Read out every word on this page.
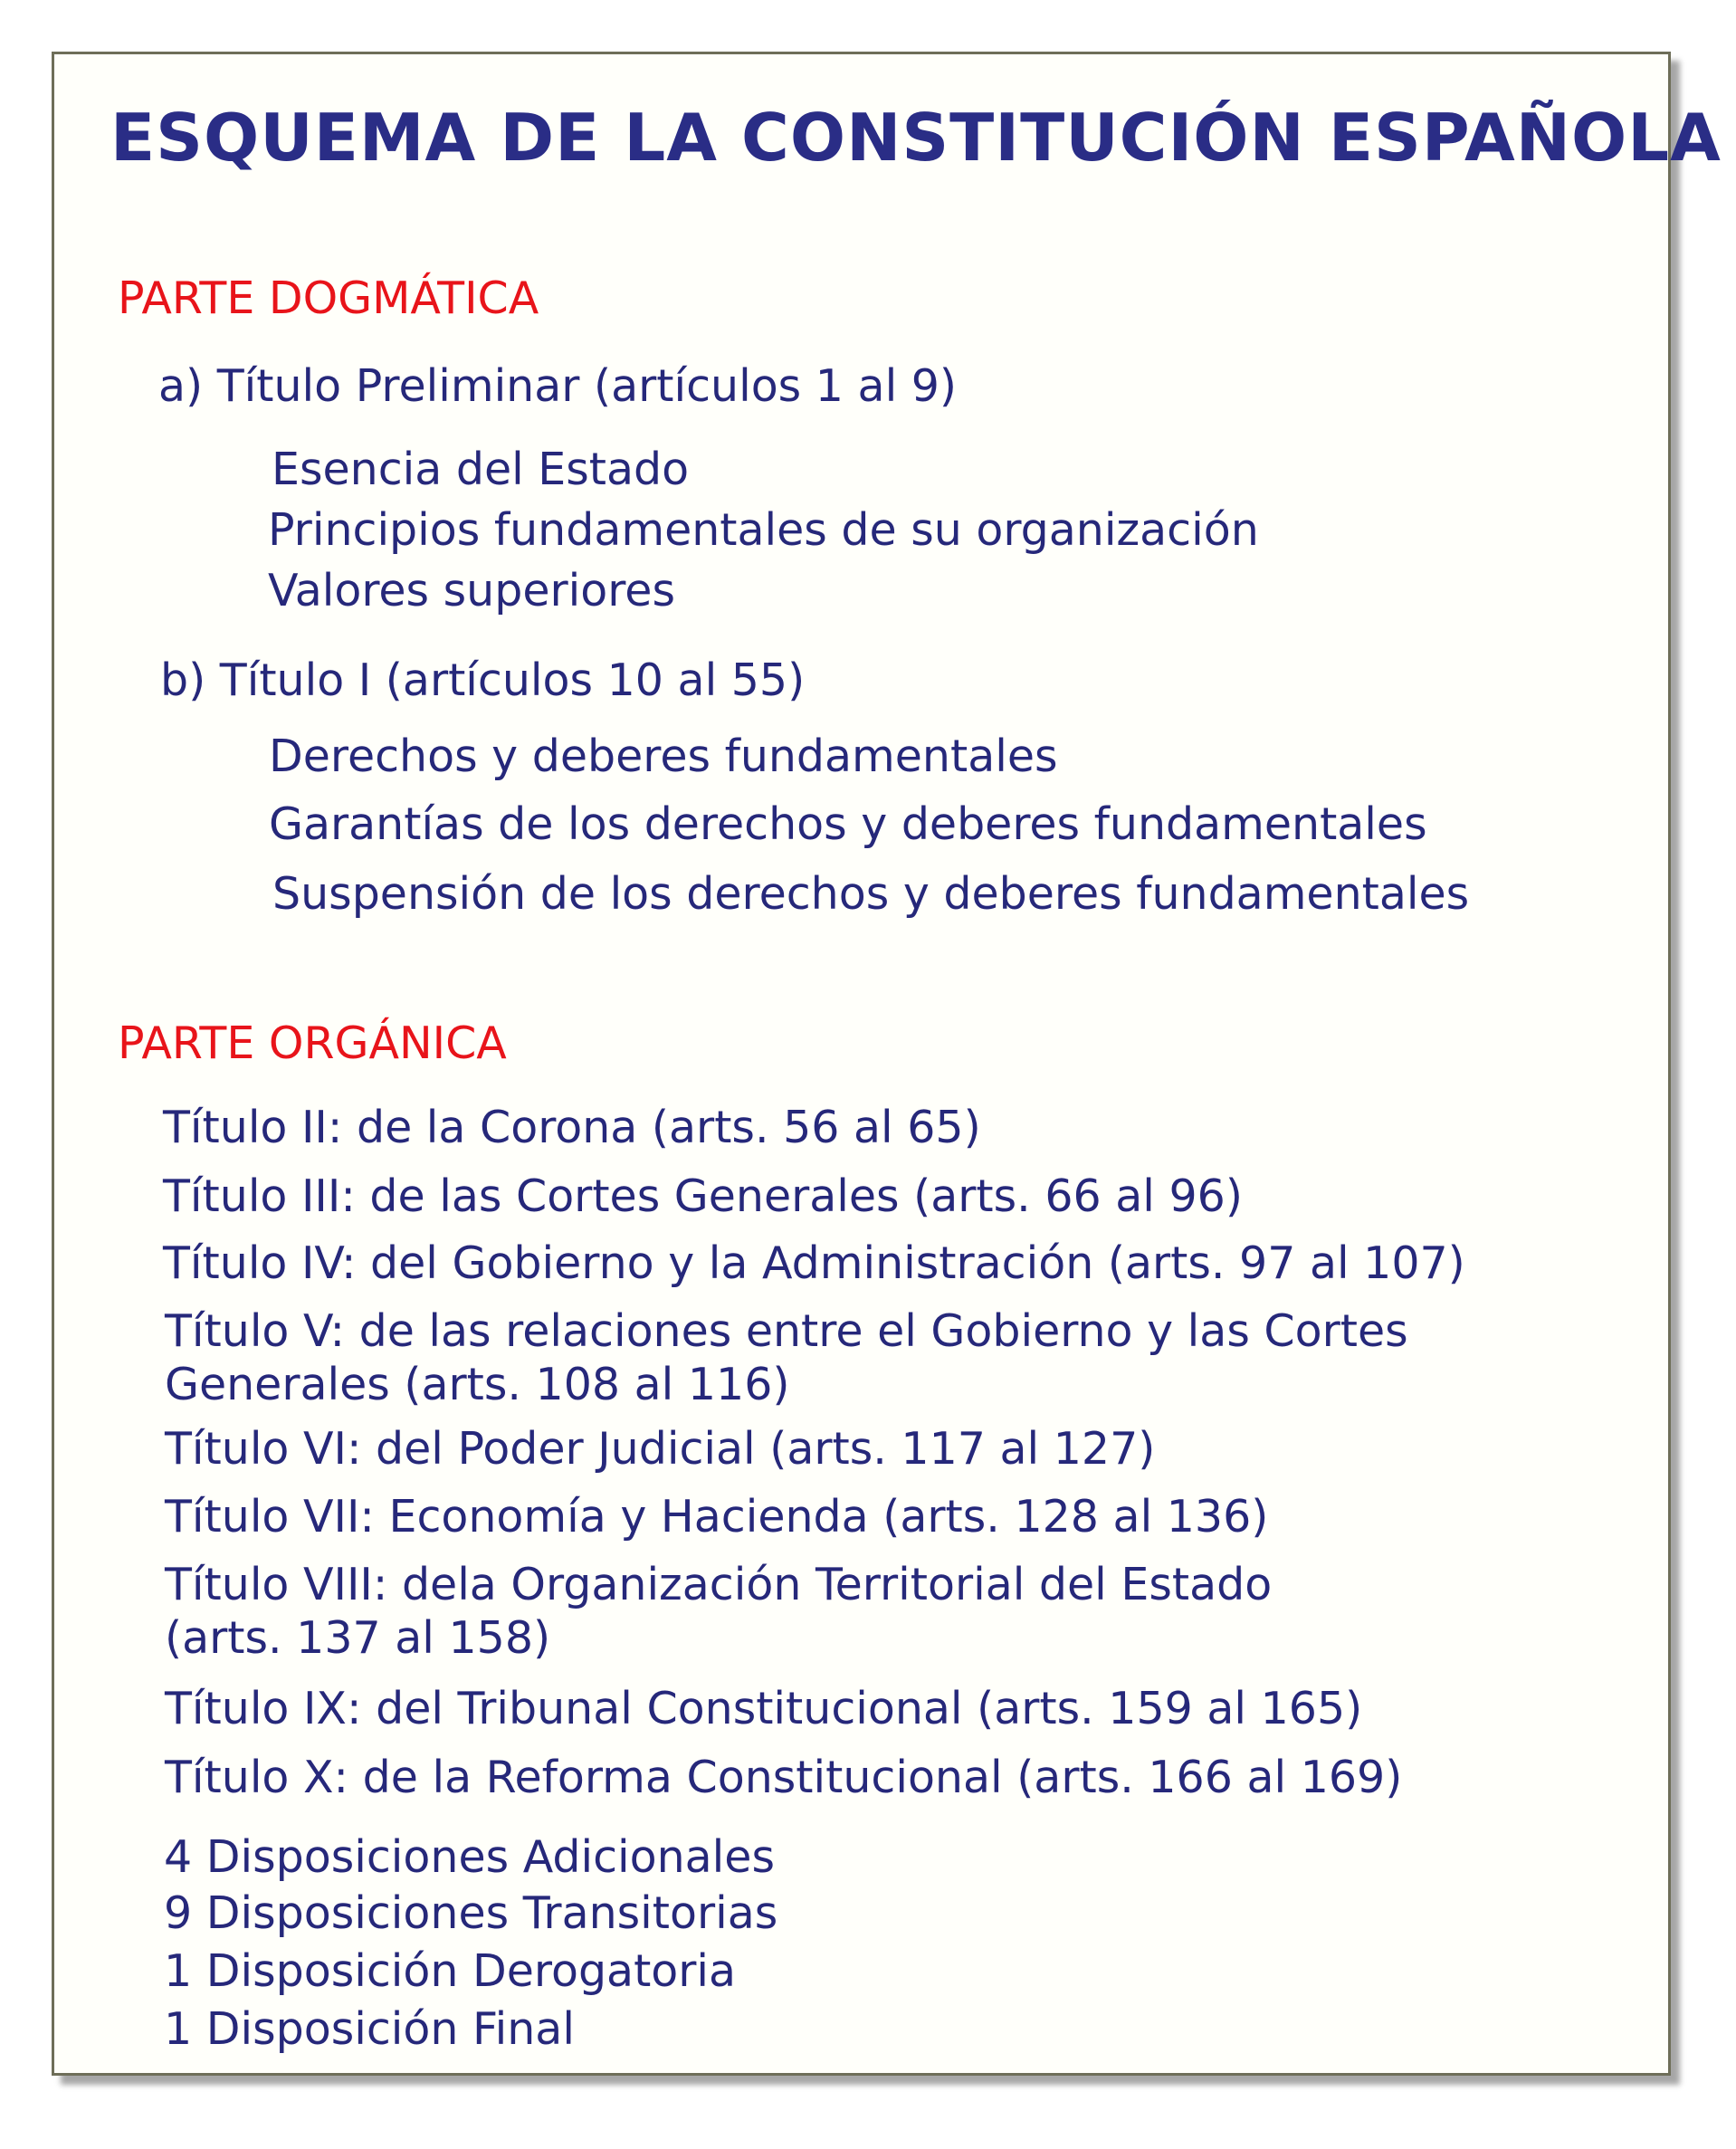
ESQUEMA DE LA CONSTITUCIÓN ESPAÑOLA
PARTE DOGMÁTICA
a) Título Preliminar (artículos 1 al 9)
Esencia del Estado
Principios fundamentales de su organización
Valores superiores
b) Título I (artículos 10 al 55)
Derechos y deberes fundamentales
Garantías de los derechos y deberes fundamentales
Suspensión de los derechos y deberes fundamentales
PARTE ORGÁNICA
Título II: de la Corona (arts. 56 al 65)
Título III: de las Cortes Generales (arts. 66 al 96)
Título IV: del Gobierno y la Administración (arts. 97 al 107)
Título V: de las relaciones entre el Gobierno y las Cortes
Generales (arts. 108 al 116)
Título VI: del Poder Judicial (arts. 117 al 127)
Título VII: Economía y Hacienda (arts. 128 al 136)
Título VIII: dela Organización Territorial del Estado
(arts. 137 al 158)
Título IX: del Tribunal Constitucional (arts. 159 al 165)
Título X: de la Reforma Constitucional (arts. 166 al 169)
4 Disposiciones Adicionales
9 Disposiciones Transitorias
1 Disposición Derogatoria
1 Disposición Final
